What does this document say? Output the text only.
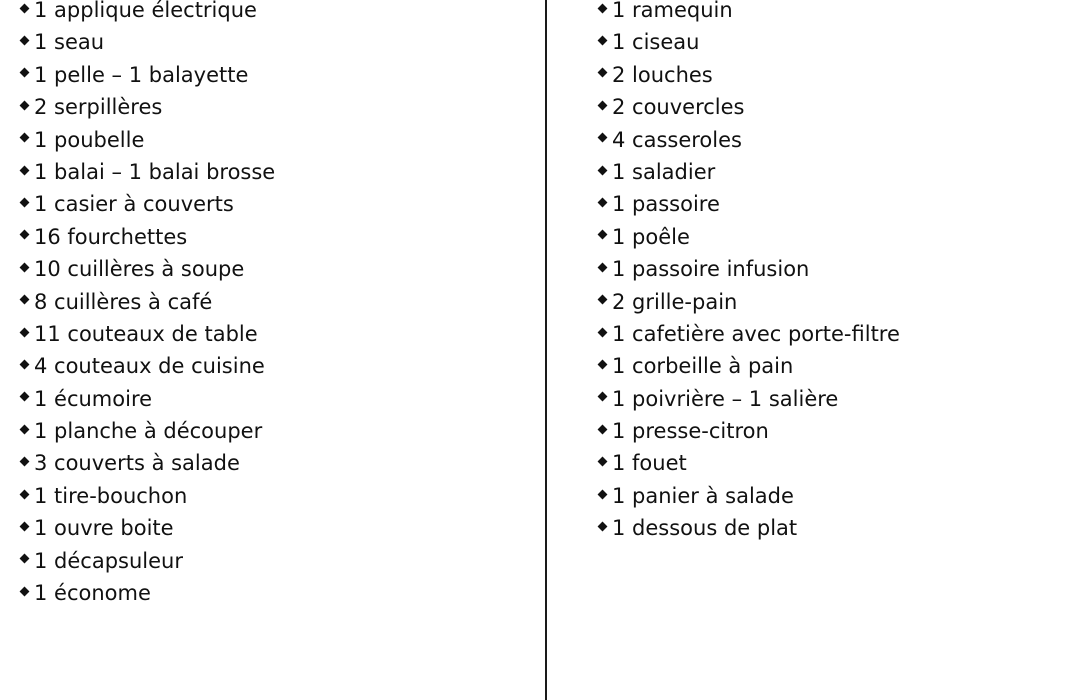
1 applique électrique
1 seau
1 pelle – 1 balayette
2 serpillères
1 poubelle
1 balai – 1 balai brosse
1 casier à couverts
16 fourchettes
10 cuillères à soupe
8 cuillères à café
11 couteaux de table
4 couteaux de cuisine
1 écumoire
1 planche à découper
3 couverts à salade
1 tire-bouchon
1 ouvre boite
1 décapsuleur
1 économe
1 ramequin
1 ciseau
2 louches
2 couvercles
4 casseroles
1 saladier
1 passoire
1 poêle
1 passoire infusion
2 grille-pain
1 cafetière avec porte-filtre
1 corbeille à pain
1 poivrière – 1 salière
1 presse-citron
1 fouet
1 panier à salade
1 dessous de plat
